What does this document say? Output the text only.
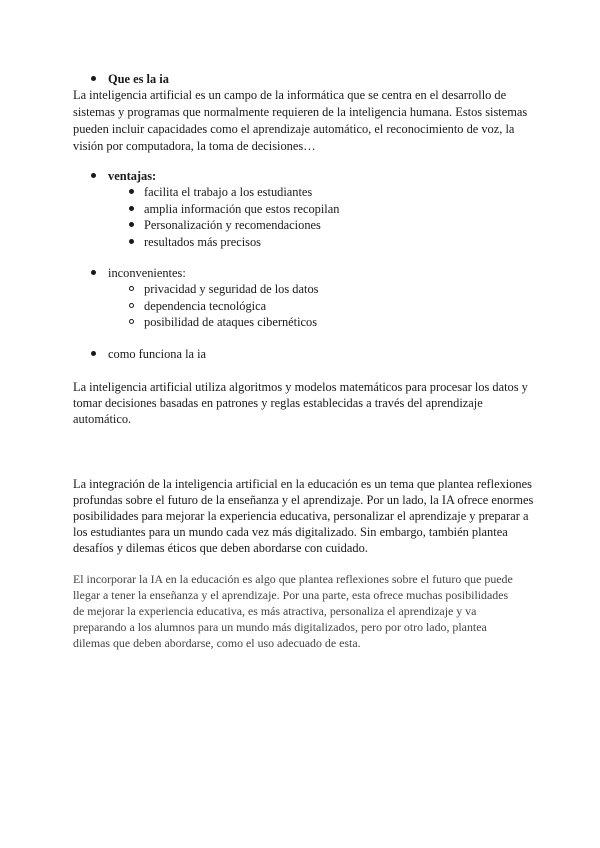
Que es la ia
La inteligencia artificial es un campo de la informática que se centra en el desarrollo de
sistemas y programas que normalmente requieren de la inteligencia humana. Estos sistemas
pueden incluir capacidades como el aprendizaje automático, el reconocimiento de voz, la
visión por computadora, la toma de decisiones…
ventajas:
facilita el trabajo a los estudiantes
amplia información que estos recopilan
Personalización y recomendaciones
resultados más precisos
inconvenientes:
privacidad y seguridad de los datos
dependencia tecnológica
posibilidad de ataques cibernéticos
como funciona la ia
La inteligencia artificial utiliza algoritmos y modelos matemáticos para procesar los datos y
tomar decisiones basadas en patrones y reglas establecidas a través del aprendizaje
automático.
La integración de la inteligencia artificial en la educación es un tema que plantea reflexiones
profundas sobre el futuro de la enseñanza y el aprendizaje. Por un lado, la IA ofrece enormes
posibilidades para mejorar la experiencia educativa, personalizar el aprendizaje y preparar a
los estudiantes para un mundo cada vez más digitalizado. Sin embargo, también plantea
desafíos y dilemas éticos que deben abordarse con cuidado.
El incorporar la IA en la educación es algo que plantea reflexiones sobre el futuro que puede
llegar a tener la enseñanza y el aprendizaje. Por una parte, esta ofrece muchas posibilidades
de mejorar la experiencia educativa, es más atractiva, personaliza el aprendizaje y va
preparando a los alumnos para un mundo más digitalizados, pero por otro lado, plantea
dilemas que deben abordarse, como el uso adecuado de esta.
